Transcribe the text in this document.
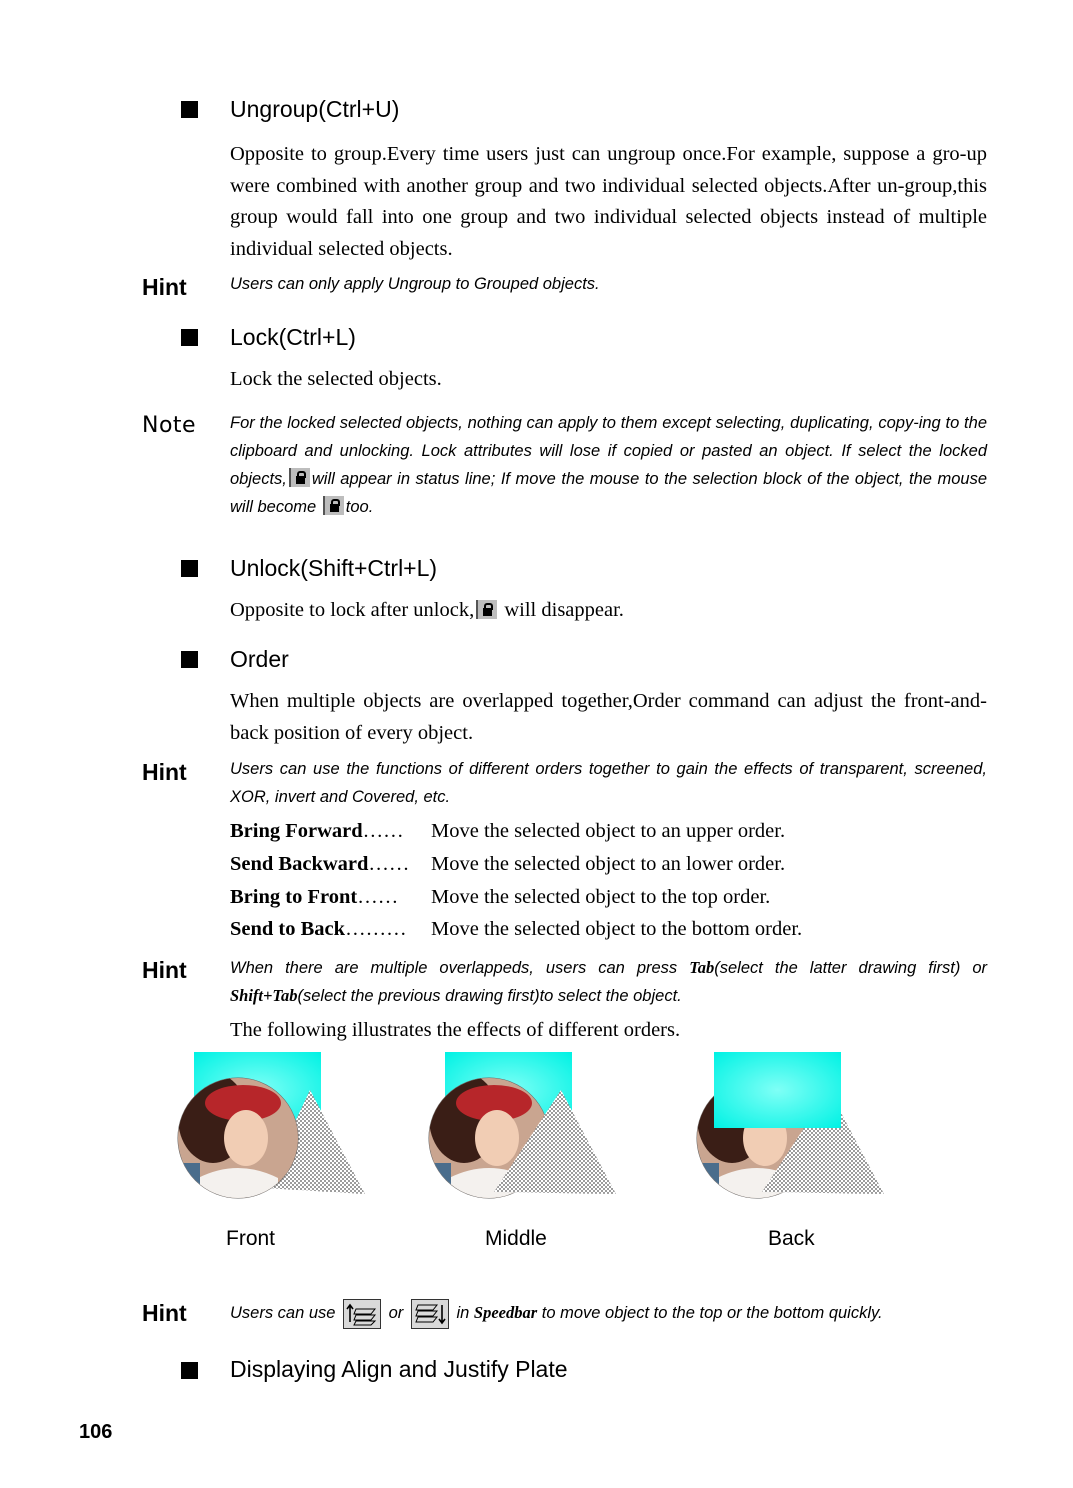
Ungroup(Ctrl+U)
Opposite to group.Every time users just can ungroup once.For example, suppose a gro-up were combined with another group and two individual selected objects.After un-group,this group would fall into one group and two individual selected objects instead of multiple individual selected objects.
Hint	Users can only apply Ungroup to Grouped objects.
Lock(Ctrl+L)
Lock the selected objects.
Note For the locked selected objects, nothing can apply to them except selecting, duplicating, copy-ing to the clipboard and unlocking. Lock attributes will lose if copied or pasted an object. If select the locked objects, will appear in status line; If move the mouse to the selection block of the object, the mouse will become too.
Unlock(Shift+Ctrl+L)
Opposite to lock after unlock, will disappear.
Order
When multiple objects are overlapped together,Order command can adjust the front-and-back position of every object.
Hint	Users can use the functions of different orders together to gain the effects of transparent, screened, XOR, invert and Covered, etc.
Bring Forward…… Move the selected object to an upper order.
Send Backward…… Move the selected object to an lower order.
Bring to Front…… Move the selected object to the top order.
Send to Back……… Move the selected object to the bottom order.
Hint	When there are multiple overlappeds, users can press Tab(select the latter drawing first) or Shift+Tab(select the previous drawing first)to select the object.
The following illustrates the effects of different orders.
Front	Middle	Back
Hint	Users can use	or	in Speedbar to move object to the top or the bottom quickly.
Displaying Align and Justify Plate
106
